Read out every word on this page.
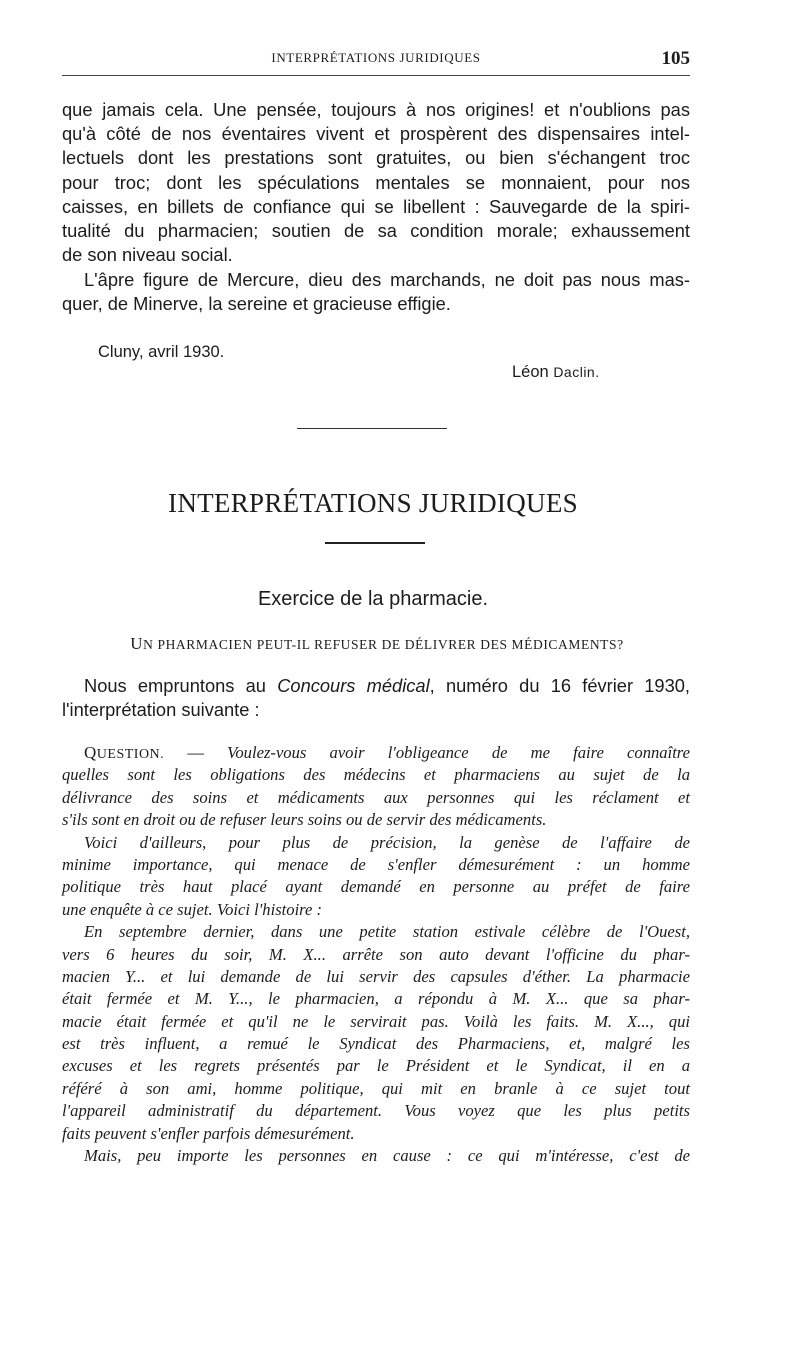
INTERPRÉTATIONS JURIDIQUES	105
que jamais cela. Une pensée, toujours à nos origines! et n'oublions pas
qu'à côté de nos éventaires vivent et prospèrent des dispensaires intel-
lectuels dont les prestations sont gratuites, ou bien s'échangent troc
pour troc; dont les spéculations mentales se monnaient, pour nos
caisses, en billets de confiance qui se libellent : Sauvegarde de la spiri-
tualité du pharmacien; soutien de sa condition morale; exhaussement
de son niveau social.
L'âpre figure de Mercure, dieu des marchands, ne doit pas nous mas-
quer, de Minerve, la sereine et gracieuse effigie.
Cluny, avril 1930.
Léon Daclin.
INTERPRÉTATIONS JURIDIQUES
Exercice de la pharmacie.
UN PHARMACIEN PEUT-IL REFUSER DE DÉLIVRER DES MÉDICAMENTS?
Nous empruntons au Concours médical, numéro du 16 février 1930,
l'interprétation suivante :
QUESTION. — Voulez-vous avoir l'obligeance de me faire connaître
quelles sont les obligations des médecins et pharmaciens au sujet de la
délivrance des soins et médicaments aux personnes qui les réclament et
s'ils sont en droit ou de refuser leurs soins ou de servir des médicaments.
Voici d'ailleurs, pour plus de précision, la genèse de l'affaire de
minime importance, qui menace de s'enfler démesurément : un homme
politique très haut placé ayant demandé en personne au préfet de faire
une enquête à ce sujet. Voici l'histoire :
En septembre dernier, dans une petite station estivale célèbre de l'Ouest,
vers 6 heures du soir, M. X... arrête son auto devant l'officine du phar-
macien Y... et lui demande de lui servir des capsules d'éther. La pharmacie
était fermée et M. Y..., le pharmacien, a répondu à M. X... que sa phar-
macie était fermée et qu'il ne le servirait pas. Voilà les faits. M. X..., qui
est très influent, a remué le Syndicat des Pharmaciens, et, malgré les
excuses et les regrets présentés par le Président et le Syndicat, il en a
référé à son ami, homme politique, qui mit en branle à ce sujet tout
l'appareil administratif du département. Vous voyez que les plus petits
faits peuvent s'enfler parfois démesurément.
Mais, peu importe les personnes en cause : ce qui m'intéresse, c'est de
